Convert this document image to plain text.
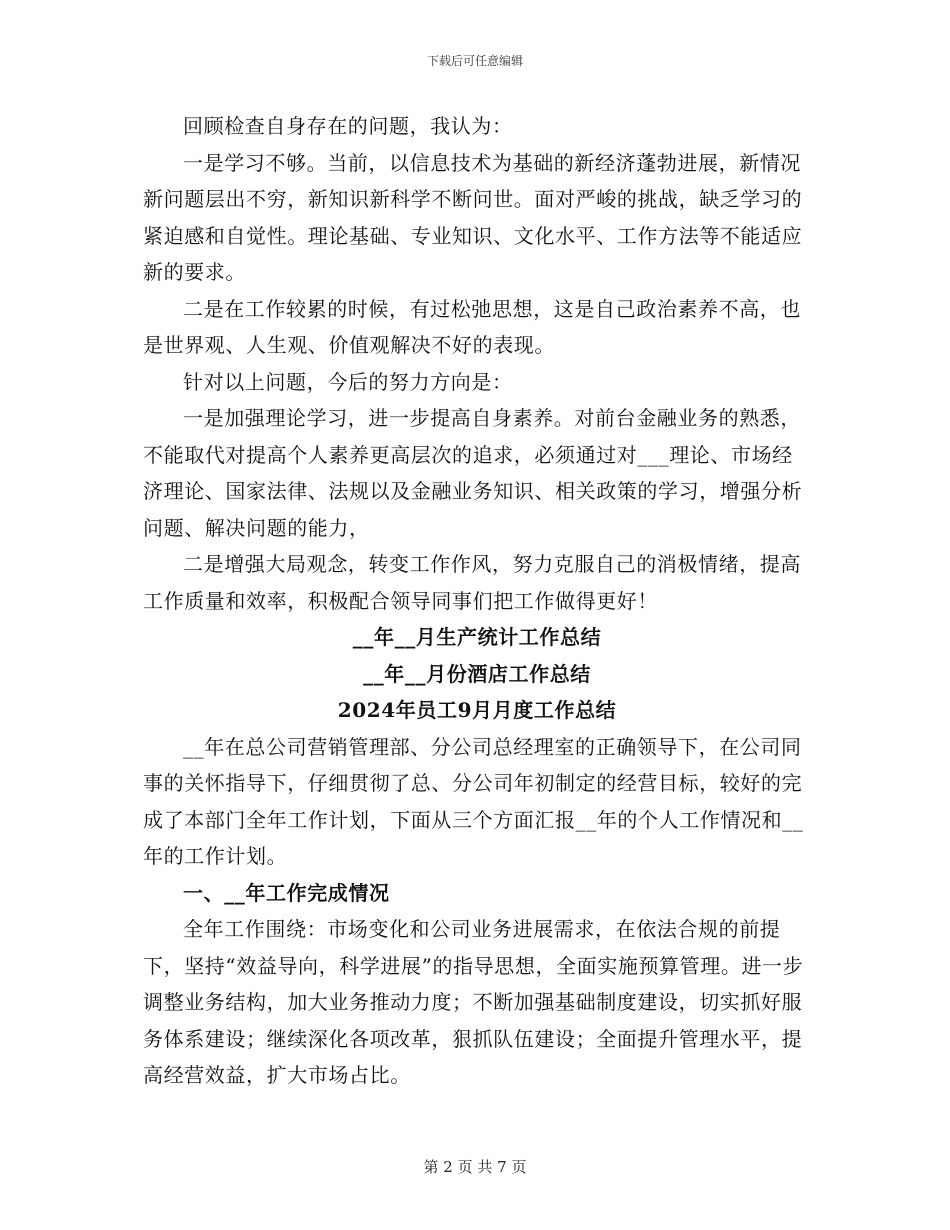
下载后可任意编辑

回顾检查自身存在的问题，我认为：

一是学习不够。当前，以信息技术为基础的新经济蓬勃进展，新情况新问题层出不穷，新知识新科学不断问世。面对严峻的挑战，缺乏学习的紧迫感和自觉性。理论基础、专业知识、文化水平、工作方法等不能适应新的要求。

二是在工作较累的时候，有过松弛思想，这是自己政治素养不高，也是世界观、人生观、价值观解决不好的表现。

针对以上问题，今后的努力方向是：

一是加强理论学习，进一步提高自身素养。对前台金融业务的熟悉，不能取代对提高个人素养更高层次的追求，必须通过对___理论、市场经济理论、国家法律、法规以及金融业务知识、相关政策的学习，增强分析问题、解决问题的能力，

二是增强大局观念，转变工作作风，努力克服自己的消极情绪，提高工作质量和效率，积极配合领导同事们把工作做得更好！

__年__月生产统计工作总结

__年__月份酒店工作总结

2024年员工9月月度工作总结

__年在总公司营销管理部、分公司总经理室的正确领导下，在公司同事的关怀指导下，仔细贯彻了总、分公司年初制定的经营目标，较好的完成了本部门全年工作计划，下面从三个方面汇报__年的个人工作情况和__年的工作计划。

一、__年工作完成情况

全年工作围绕：市场变化和公司业务进展需求，在依法合规的前提下，坚持“效益导向，科学进展”的指导思想，全面实施预算管理。进一步调整业务结构，加大业务推动力度；不断加强基础制度建设，切实抓好服务体系建设；继续深化各项改革，狠抓队伍建设；全面提升管理水平，提高经营效益，扩大市场占比。

第 2 页 共 7 页
